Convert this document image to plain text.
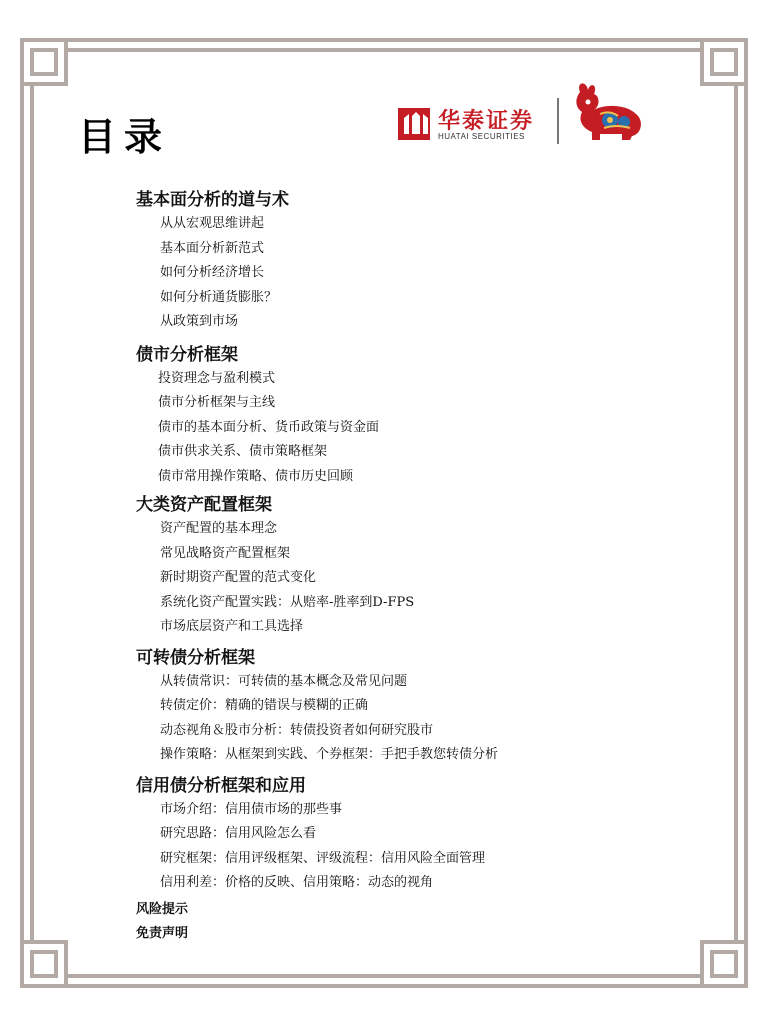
目录	华泰证券
HUATAI SECURITIES
基本面分析的道与术
从从宏观思维讲起
基本面分析新范式
如何分析经济增长
如何分析通货膨胀？
从政策到市场
债市分析框架
投资理念与盈利模式
债市分析框架与主线
债市的基本面分析、货币政策与资金面
债市供求关系、债市策略框架
债市常用操作策略、债市历史回顾
大类资产配置框架
资产配置的基本理念
常见战略资产配置框架
新时期资产配置的范式变化
系统化资产配置实践：从赔率-胜率到D-FPS
市场底层资产和工具选择
可转债分析框架
从转债常识：可转债的基本概念及常见问题
转债定价：精确的错误与模糊的正确
动态视角＆股市分析：转债投资者如何研究股市
操作策略：从框架到实践、个券框架：手把手教您转债分析
信用债分析框架和应用
市场介绍：信用债市场的那些事
研究思路：信用风险怎么看
研究框架：信用评级框架、评级流程：信用风险全面管理
信用利差：价格的反映、信用策略：动态的视角
风险提示
免责声明
